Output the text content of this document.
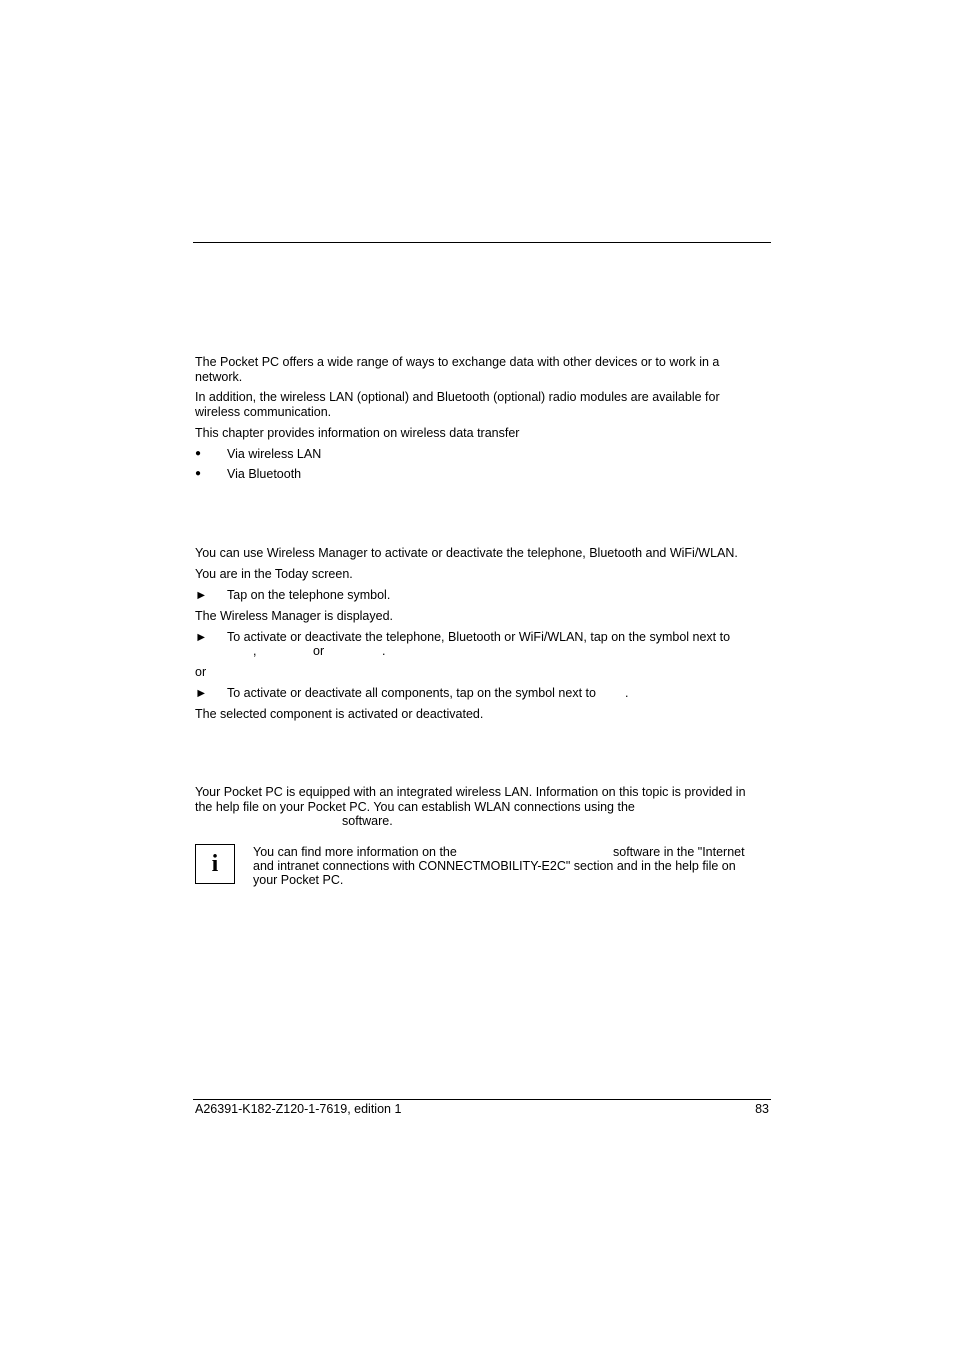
The Pocket PC offers a wide range of ways to exchange data with other devices or to work in a
network.

In addition, the wireless LAN (optional) and Bluetooth (optional) radio modules are available for
wireless communication.

This chapter provides information on wireless data transfer

●	Via wireless LAN
●	Via Bluetooth

You can use Wireless Manager to activate or deactivate the telephone, Bluetooth and WiFi/WLAN.

You are in the Today screen.

►	Tap on the telephone symbol.

The Wireless Manager is displayed.

►	To activate or deactivate the telephone, Bluetooth or WiFi/WLAN, tap on the symbol next to
,	or	.

or

►	To activate or deactivate all components, tap on the symbol next to	.

The selected component is activated or deactivated.

Your Pocket PC is equipped with an integrated wireless LAN. Information on this topic is provided in
the help file on your Pocket PC. You can establish WLAN connections using the

software.
i	You can find more information on the	software in the "Internet
and intranet connections with CONNECTMOBILITY-E2C" section and in the help file on
your Pocket PC.
A26391-K182-Z120-1-7619, edition 1	83
